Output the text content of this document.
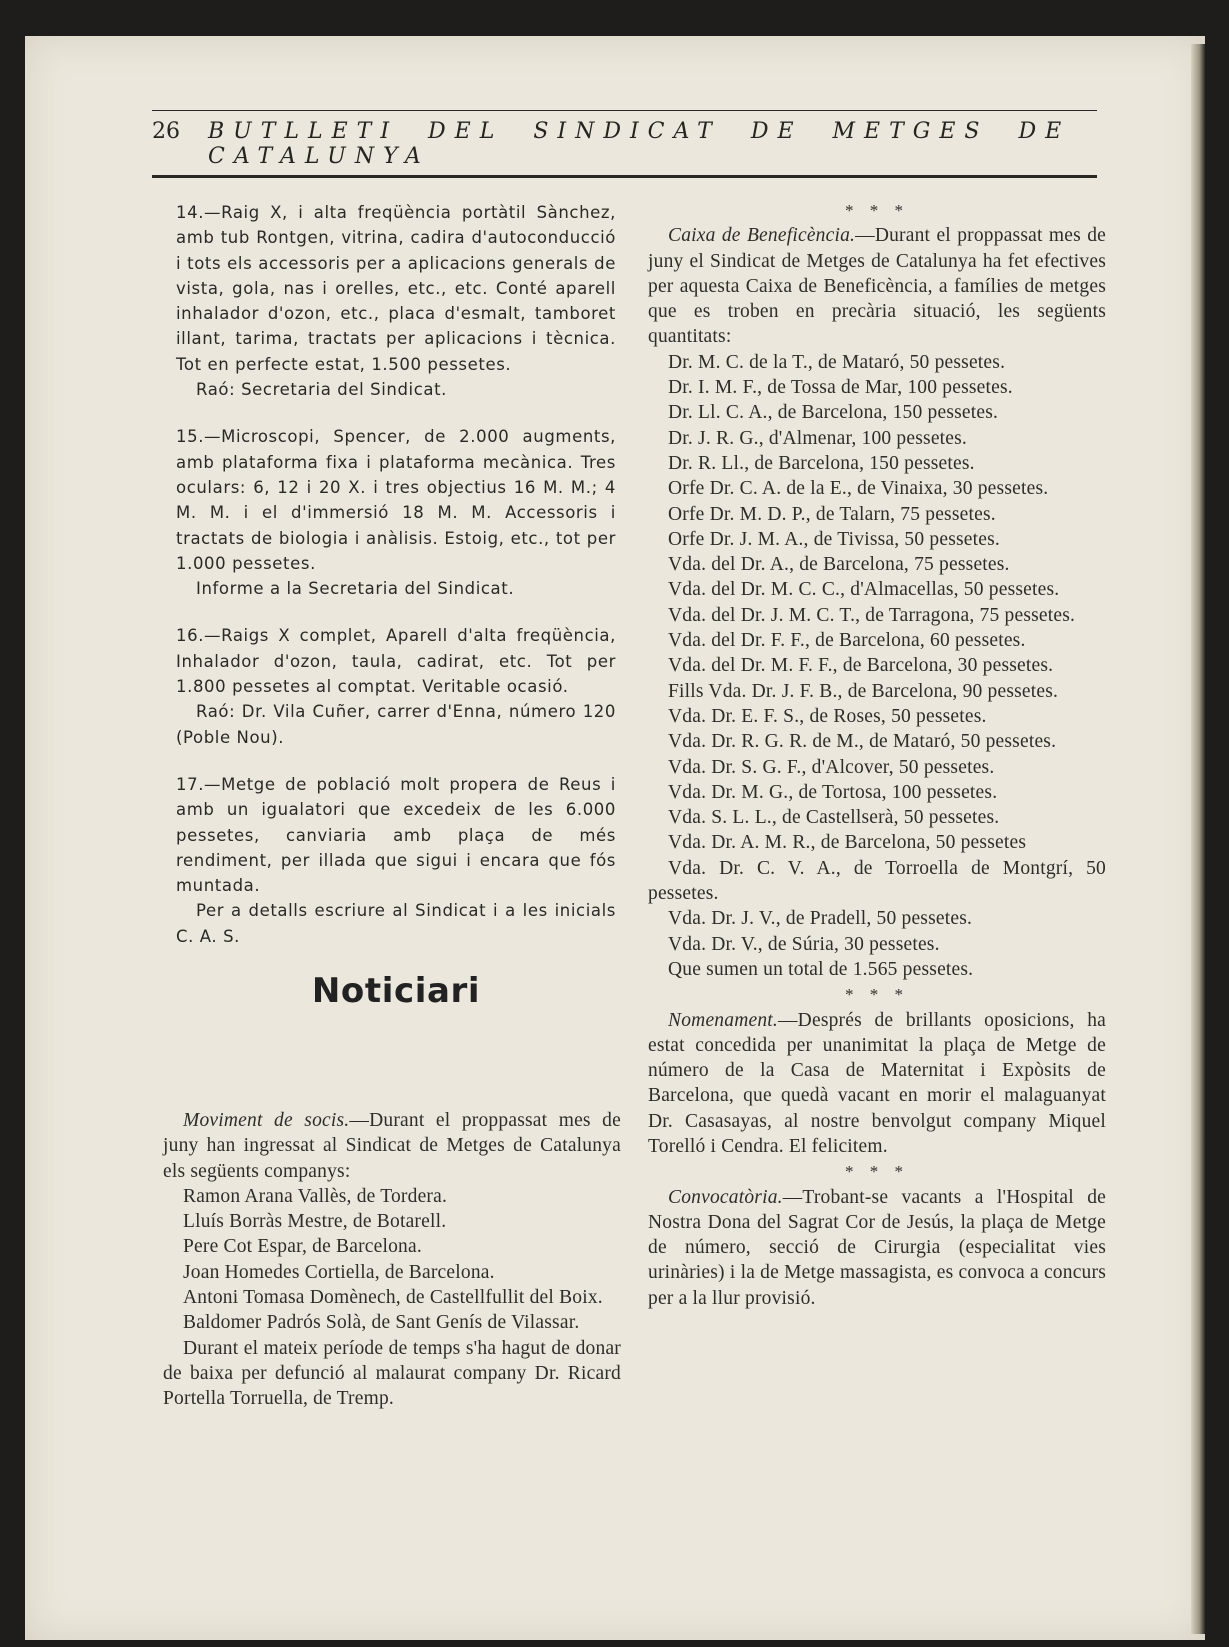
26 BUTLLETI DEL SINDICAT DE METGES DE CATALUNYA

14.—Raig X, i alta freqüència portàtil Sànchez, amb tub Rontgen, vitrina, cadira d'autoconducció i tots els accessoris per a aplicacions generals de vista, gola, nas i orelles, etc., etc. Conté aparell inhalador d'ozon, etc., placa d'esmalt, tamboret illant, tarima, tractats per aplicacions i tècnica. Tot en perfecte estat, 1.500 pessetes.

Raó: Secretaria del Sindicat.

15.—Microscopi, Spencer, de 2.000 augments, amb plataforma fixa i plataforma mecànica. Tres oculars: 6, 12 i 20 X. i tres objectius 16 M. M.; 4 M. M. i el d'immersió 18 M. M. Accessoris i tractats de biologia i anàlisis. Estoig, etc., tot per 1.000 pessetes.

Informe a la Secretaria del Sindicat.

16.—Raigs X complet, Aparell d'alta freqüència, Inhalador d'ozon, taula, cadirat, etc. Tot per 1.800 pessetes al comptat. Veritable ocasió.

Raó: Dr. Vila Cuñer, carrer d'Enna, número 120 (Poble Nou).

17.—Metge de població molt propera de Reus i amb un igualatori que excedeix de les 6.000 pessetes, canviaria amb plaça de més rendiment, per illada que sigui i encara que fós muntada.

Per a detalls escriure al Sindicat i a les inicials C. A. S.

Noticiari

Moviment de socis.—Durant el proppassat mes de juny han ingressat al Sindicat de Metges de Catalunya els següents companys:

Ramon Arana Vallès, de Tordera.

Lluís Borràs Mestre, de Botarell.

Pere Cot Espar, de Barcelona.

Joan Homedes Cortiella, de Barcelona.

Antoni Tomasa Domènech, de Castellfullit del Boix.

Baldomer Padrós Solà, de Sant Genís de Vilassar.

Durant el mateix període de temps s'ha hagut de donar de baixa per defunció al malaurat company Dr. Ricard Portella Torruella, de Tremp.

* * *

Caixa de Beneficència.—Durant el proppassat mes de juny el Sindicat de Metges de Catalunya ha fet efectives per aquesta Caixa de Beneficència, a famílies de metges que es troben en precària situació, les següents quantitats:

Dr. M. C. de la T., de Mataró, 50 pessetes.

Dr. I. M. F., de Tossa de Mar, 100 pessetes.

Dr. Ll. C. A., de Barcelona, 150 pessetes.

Dr. J. R. G., d'Almenar, 100 pessetes.

Dr. R. Ll., de Barcelona, 150 pessetes.

Orfe Dr. C. A. de la E., de Vinaixa, 30 pessetes.

Orfe Dr. M. D. P., de Talarn, 75 pessetes.

Orfe Dr. J. M. A., de Tivissa, 50 pessetes.

Vda. del Dr. A., de Barcelona, 75 pessetes.

Vda. del Dr. M. C. C., d'Almacellas, 50 pessetes.

Vda. del Dr. J. M. C. T., de Tarragona, 75 pessetes.

Vda. del Dr. F. F., de Barcelona, 60 pessetes.

Vda. del Dr. M. F. F., de Barcelona, 30 pessetes.

Fills Vda. Dr. J. F. B., de Barcelona, 90 pessetes.

Vda. Dr. E. F. S., de Roses, 50 pessetes.

Vda. Dr. R. G. R. de M., de Mataró, 50 pessetes.

Vda. Dr. S. G. F., d'Alcover, 50 pessetes.

Vda. Dr. M. G., de Tortosa, 100 pessetes.

Vda. S. L. L., de Castellserà, 50 pessetes.

Vda. Dr. A. M. R., de Barcelona, 50 pessetes

Vda. Dr. C. V. A., de Torroella de Montgrí, 50 pessetes.

Vda. Dr. J. V., de Pradell, 50 pessetes.

Vda. Dr. V., de Súria, 30 pessetes.

Que sumen un total de 1.565 pessetes.

* * *

Nomenament.—Després de brillants oposicions, ha estat concedida per unanimitat la plaça de Metge de número de la Casa de Maternitat i Expòsits de Barcelona, que quedà vacant en morir el malaguanyat Dr. Casasayas, al nostre benvolgut company Miquel Torelló i Cendra. El felicitem.

* * *

Convocatòria.—Trobant-se vacants a l'Hospital de Nostra Dona del Sagrat Cor de Jesús, la plaça de Metge de número, secció de Cirurgia (especialitat vies urinàries) i la de Metge massagista, es convoca a concurs per a la llur provisió.
